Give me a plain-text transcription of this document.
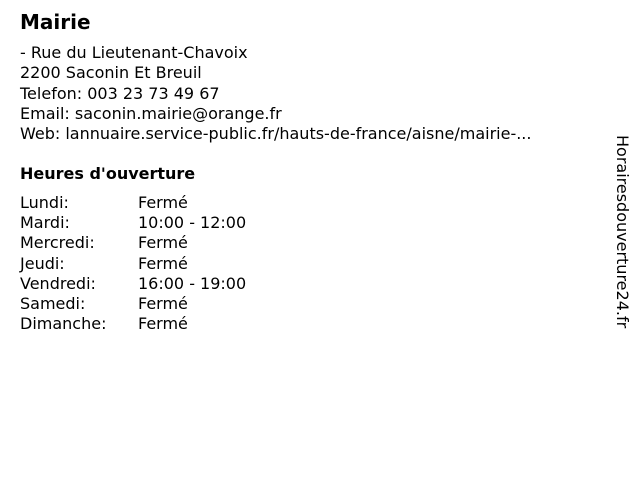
Mairie
- Rue du Lieutenant-Chavoix
2200 Saconin Et Breuil
Telefon: 003 23 73 49 67
Email: saconin.mairie@orange.fr
Web: lannuaire.service-public.fr/hauts-de-france/aisne/mairie-...
Heures d'ouverture
Lundi:	Fermé
Mardi:	10:00 - 12:00
Mercredi:	Fermé
Jeudi:	Fermé
Vendredi:	16:00 - 19:00
Samedi:	Fermé
Dimanche:	Fermé	Horairesdouverture24.fr
